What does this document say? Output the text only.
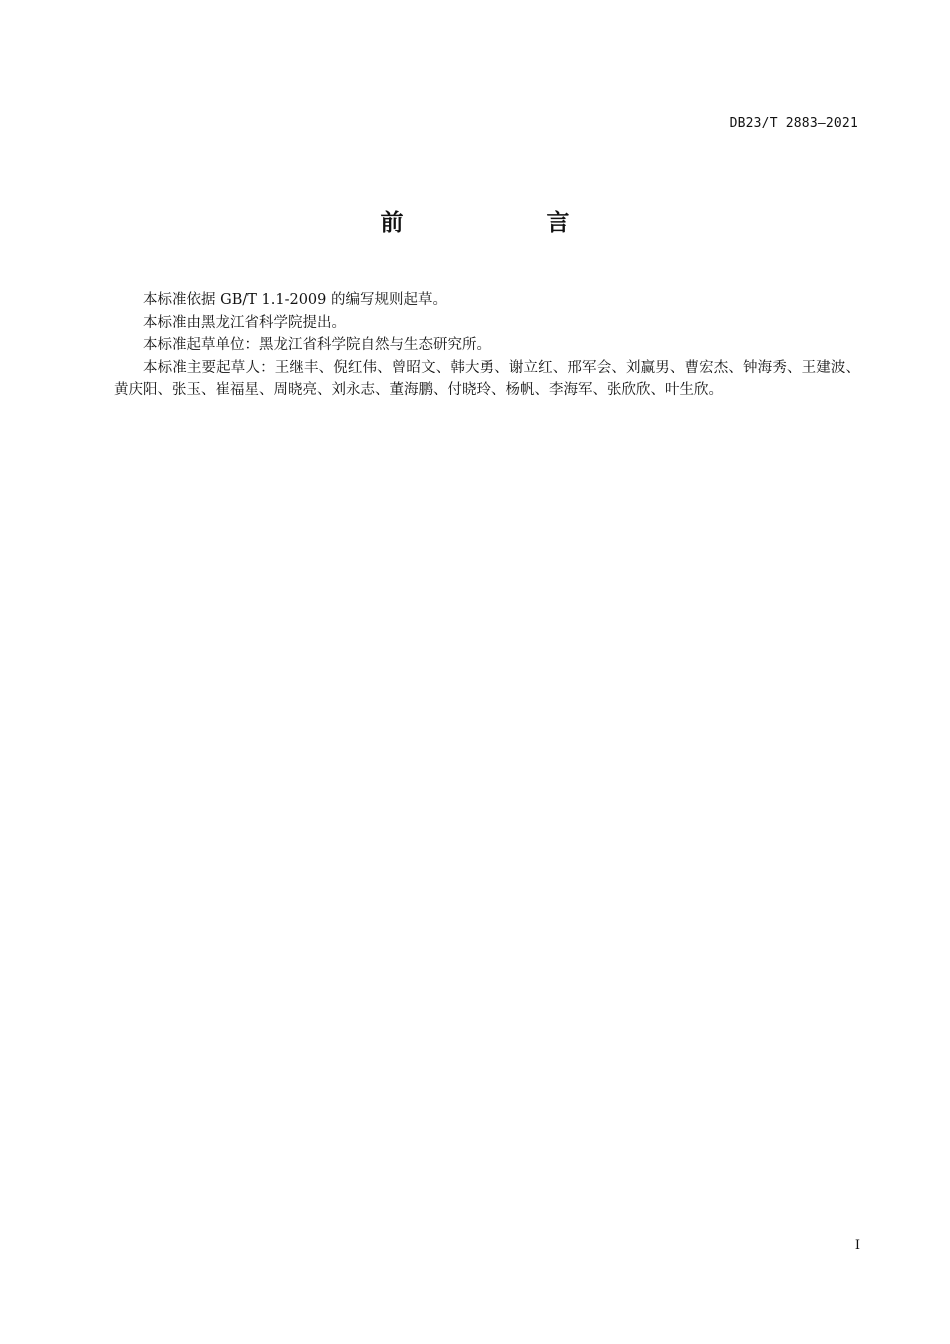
DB23/T 2883—2021
前　言

本标准依据 GB/T 1.1-2009 的编写规则起草。

本标准由黑龙江省科学院提出。

本标准起草单位：黑龙江省科学院自然与生态研究所。

本标准主要起草人：王继丰、倪红伟、曾昭文、韩大勇、谢立红、邢军会、刘赢男、曹宏杰、钟海秀、王建波、黄庆阳、张玉、崔福星、周晓亮、刘永志、董海鹏、付晓玲、杨帆、李海军、张欣欣、叶生欣。

I
